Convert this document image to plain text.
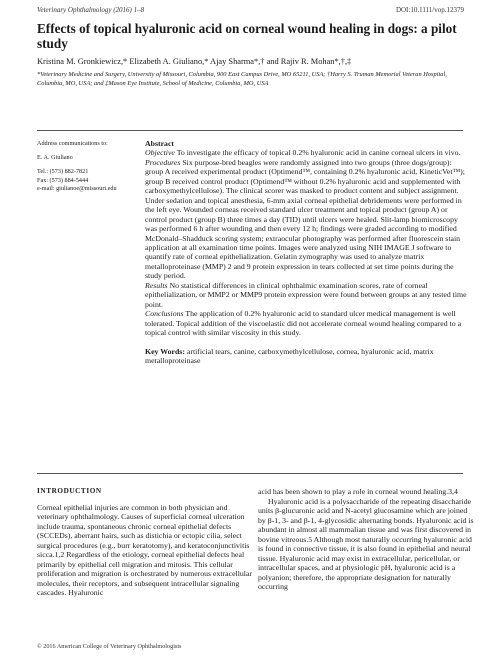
Veterinary Ophthalmology (2016) 1–8	DOI:10.1111/vop.12379
Effects of topical hyaluronic acid on corneal wound healing in dogs: a pilot study
Kristina M. Gronkiewicz,* Elizabeth A. Giuliano,* Ajay Sharma*,† and Rajiv R. Mohan*,†,‡
*Veterinary Medicine and Surgery, University of Missouri, Columbia, 900 East Campus Drive, MO 65211, USA; †Harry S. Truman Memorial Veteran Hospital, Columbia, MO, USA; and ‡Mason Eye Institute, School of Medicine, Columbia, MO, USA
Address communications to:
E. A. Giuliano
Tel.: (573) 882-7821
Fax: (573) 884-5444
e-mail: giulianoe@missouri.edu

Abstract

Objective To investigate the efficacy of topical 0.2% hyaluronic acid in canine corneal ulcers in vivo.

Procedures Six purpose-bred beagles were randomly assigned into two groups (three dogs/group): group A received experimental product (Optimend™, containing 0.2% hyaluronic acid, KineticVet™); group B received control product (Optimend™ without 0.2% hyaluronic acid and supplemented with carboxymethylcellulose). The clinical scorer was masked to product content and subject assignment. Under sedation and topical anesthesia, 6-mm axial corneal epithelial debridements were performed in the left eye. Wounded corneas received standard ulcer treatment and topical product (group A) or control product (group B) three times a day (TID) until ulcers were healed. Slit-lamp biomicroscopy was performed 6 h after wounding and then every 12 h; findings were graded according to modified McDonald–Shadduck scoring system; extraocular photography was performed after fluorescein stain application at all examination time points. Images were analyzed using NIH IMAGE J software to quantify rate of corneal epithelialization. Gelatin zymography was used to analyze matrix metalloproteinase (MMP) 2 and 9 protein expression in tears collected at set time points during the study period.

Results No statistical differences in clinical ophthalmic examination scores, rate of corneal epithelialization, or MMP2 or MMP9 protein expression were found between groups at any tested time point.

Conclusions The application of 0.2% hyaluronic acid to standard ulcer medical management is well tolerated. Topical addition of the viscoelastic did not accelerate corneal wound healing compared to a topical control with similar viscosity in this study.

Key Words: artificial tears, canine, carboxymethylcellulose, cornea, hyaluronic acid, matrix metalloproteinase

INTRODUCTION

Corneal epithelial injuries are common in both physician and veterinary ophthalmology. Causes of superficial corneal ulceration include trauma, spontaneous chronic corneal epithelial defects (SCCEDs), aberrant hairs, such as distichia or ectopic cilia, select surgical procedures (e.g., burr keratotomy), and keratoconjunctivitis sicca.1,2 Regardless of the etiology, corneal epithelial defects heal primarily by epithelial cell migration and mitosis. This cellular proliferation and migration is orchestrated by numerous extracellular molecules, their receptors, and subsequent intracellular signaling cascades. Hyaluronic

acid has been shown to play a role in corneal wound healing.3,4

Hyaluronic acid is a polysaccharide of the repeating disaccharide units β-glucuronic acid and N-acetyl glucosamine which are joined by β-1, 3- and β-1, 4-glycosidic alternating bonds. Hyaluronic acid is abundant in almost all mammalian tissue and was first discovered in bovine vitreous.5 Although most naturally occurring hyaluronic acid is found in connective tissue, it is also found in epithelial and neural tissue. Hyaluronic acid may exist in extracellular, pericellular, or intracellular spaces, and at physiologic pH, hyaluronic acid is a polyanion; therefore, the appropriate designation for naturally occurring

© 2016 American College of Veterinary Ophthalmologists
